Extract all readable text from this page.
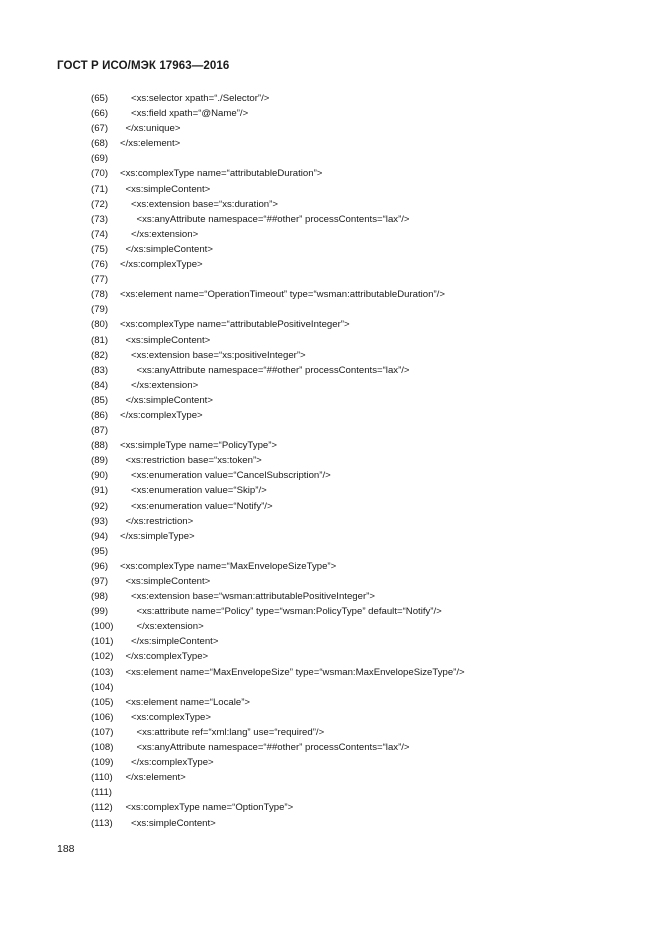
ГОСТ Р ИСО/МЭК 17963—2016
(65) <xs:selector xpath=“./Selector”/>
(66) <xs:field xpath=“@Name”/>
(67) </xs:unique>
(68) </xs:element>
(69)
(70) <xs:complexType name=“attributableDuration”>
(71) <xs:simpleContent>
(72) <xs:extension base=“xs:duration”>
(73)	<xs:anyAttribute namespace=“##other” processContents=“lax”/>
(74) </xs:extension>
(75) </xs:simpleContent>
(76) </xs:complexType>
(77)
(78) <xs:element name=“OperationTimeout” type=“wsman:attributableDuration”/>
(79)
(80) <xs:complexType name=“attributablePositiveInteger”>
(81) <xs:simpleContent>
(82) <xs:extension base=“xs:positiveInteger”>
(83)	<xs:anyAttribute namespace=“##other” processContents=“lax”/>
(84) </xs:extension>
(85) </xs:simpleContent>
(86) </xs:complexType>
(87)
(88) <xs:simpleType name=“PolicyType”>
(89) <xs:restriction base=“xs:token”>
(90) <xs:enumeration value=“CancelSubscription”/>
(91) <xs:enumeration value=“Skip”/>
(92) <xs:enumeration value=“Notify”/>
(93) </xs:restriction>
(94) </xs:simpleType>
(95)
(96) <xs:complexType name=“MaxEnvelopeSizeType”>
(97) <xs:simpleContent>
(98) <xs:extension base=“wsman:attributablePositiveInteger”>
(99)	<xs:attribute name=“Policy” type=“wsman:PolicyType” default=“Notify”/>
(100) </xs:extension>
(101) </xs:simpleContent>
(102) </xs:complexType>
(103) <xs:element name=“MaxEnvelopeSize” type=“wsman:MaxEnvelopeSizeType”/>
(104)
(105) <xs:element name=“Locale”>
(106) <xs:complexType>
(107) <xs:attribute ref=“xml:lang” use=“required”/>
(108) <xs:anyAttribute namespace=“##other” processContents=“lax”/>
(109) </xs:complexType>
(110) </xs:element>
(111)
(112) <xs:complexType name=“OptionType”>
(113) <xs:simpleContent>
188
